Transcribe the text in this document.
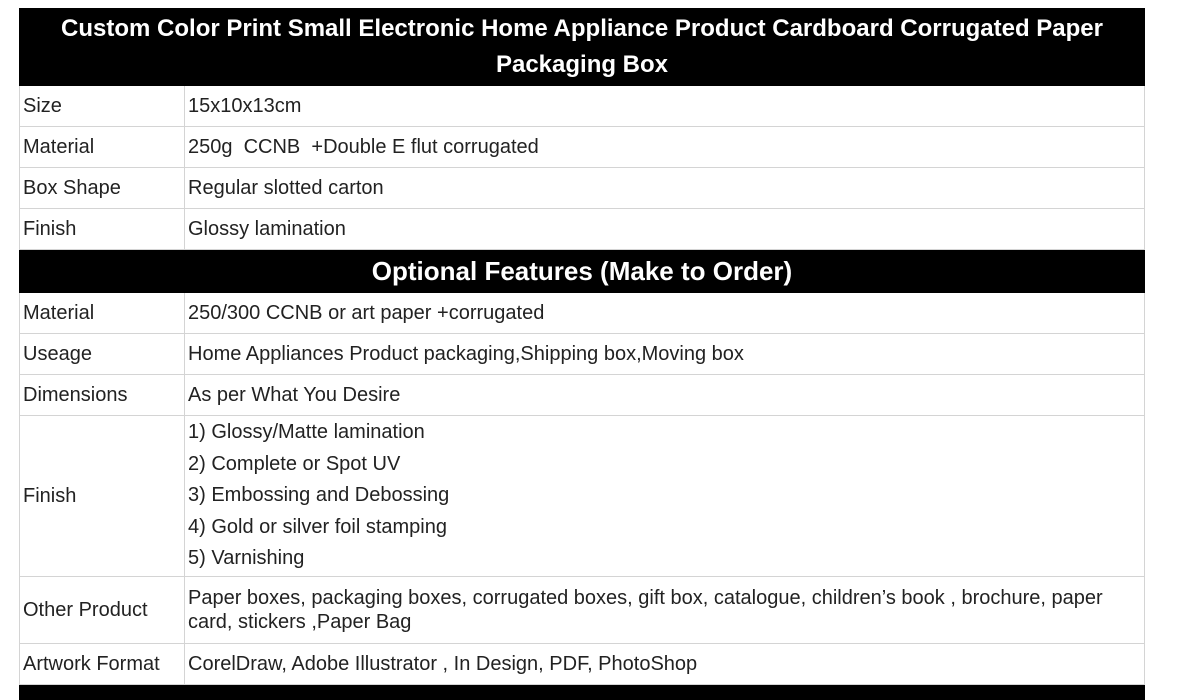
Custom Color Print Small Electronic Home Appliance Product Cardboard Corrugated Paper Packaging Box	
Size	15x10x13cm
Material	250g  CCNB  +Double E flut corrugated
Box Shape	Regular slotted carton
Finish	Glossy lamination
Optional Features (Make to Order)	
Material	250/300 CCNB or art paper +corrugated
Useage	Home Appliances Product packaging,Shipping box,Moving box
Dimensions	As per What You Desire
Finish	1) Glossy/Matte lamination
2) Complete or Spot UV
3) Embossing and Debossing
4) Gold or silver foil stamping
5) Varnishing

Other Product	Paper boxes, packaging boxes, corrugated boxes, gift box, catalogue, children’s book , brochure, paper card, stickers ,Paper Bag
Artwork Format	CorelDraw, Adobe Illustrator , In Design, PDF, PhotoShop
